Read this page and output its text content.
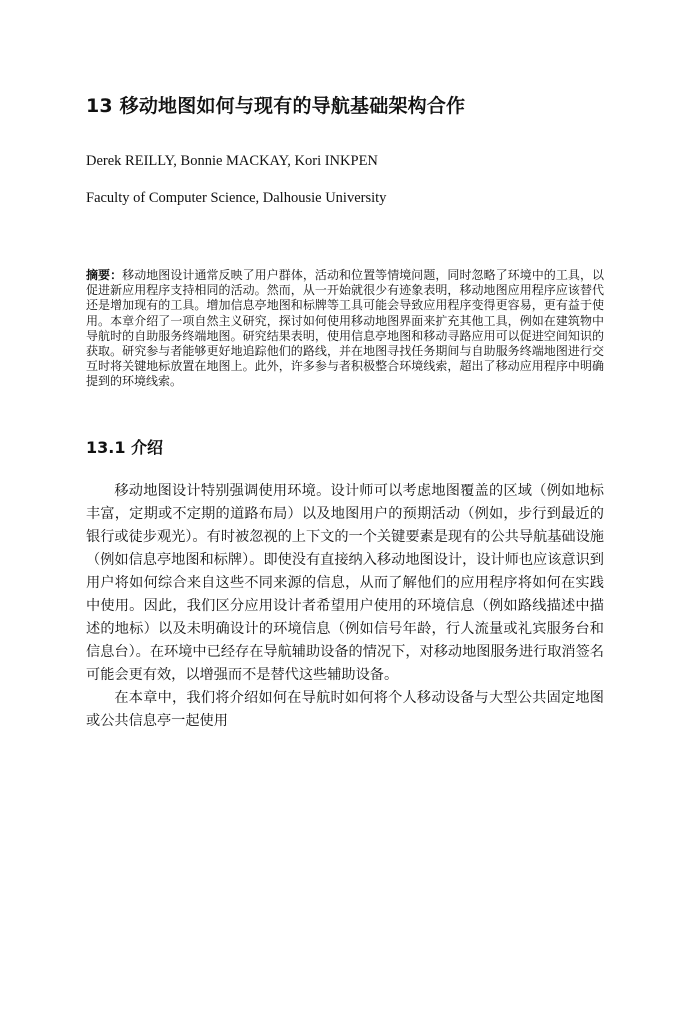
13 移动地图如何与现有的导航基础架构合作

Derek REILLY, Bonnie MACKAY, Kori INKPEN

Faculty of Computer Science, Dalhousie University

摘要：移动地图设计通常反映了用户群体，活动和位置等情境问题，同时忽略了环境中的工具，以促进新应用程序支持相同的活动。然而，从一开始就很少有迹象表明，移动地图应用程序应该替代还是增加现有的工具。增加信息亭地图和标牌等工具可能会导致应用程序变得更容易，更有益于使用。本章介绍了一项自然主义研究，探讨如何使用移动地图界面来扩充其他工具，例如在建筑物中导航时的自助服务终端地图。研究结果表明，使用信息亭地图和移动寻路应用可以促进空间知识的获取。研究参与者能够更好地追踪他们的路线，并在地图寻找任务期间与自助服务终端地图进行交互时将关键地标放置在地图上。此外，许多参与者积极整合环境线索，超出了移动应用程序中明确提到的环境线索。

13.1 介绍

移动地图设计特别强调使用环境。设计师可以考虑地图覆盖的区域（例如地标丰富，定期或不定期的道路布局）以及地图用户的预期活动（例如，步行到最近的银行或徒步观光）。有时被忽视的上下文的一个关键要素是现有的公共导航基础设施（例如信息亭地图和标牌）。即使没有直接纳入移动地图设计，设计师也应该意识到用户将如何综合来自这些不同来源的信息，从而了解他们的应用程序将如何在实践中使用。因此，我们区分应用设计者希望用户使用的环境信息（例如路线描述中描述的地标）以及未明确设计的环境信息（例如信号年龄，行人流量或礼宾服务台和信息台）。在环境中已经存在导航辅助设备的情况下，对移动地图服务进行取消签名可能会更有效，以增强而不是替代这些辅助设备。

在本章中，我们将介绍如何在导航时如何将个人移动设备与大型公共固定地图或公共信息亭一起使用
